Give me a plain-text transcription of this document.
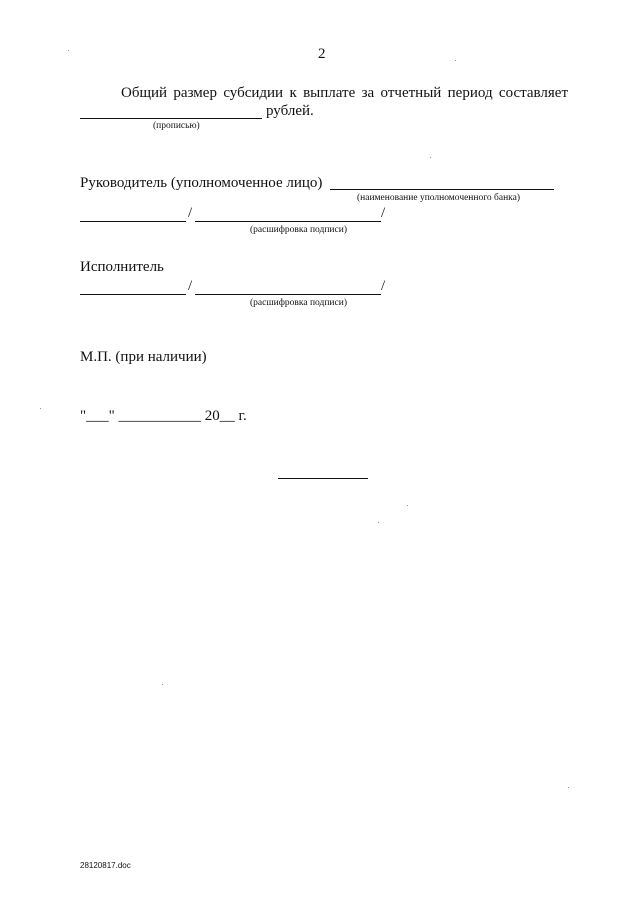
2
Общий размер субсидии к выплате за отчетный период составляет
рублей.
(прописью)
Руководитель (уполномоченное лицо)
(наименование уполномоченного банка)
/	/
(расшифровка подписи)
Исполнитель
/	/
(расшифровка подписи)
М.П. (при наличии)
"___" ___________ 20__ г.
28120817.doc
